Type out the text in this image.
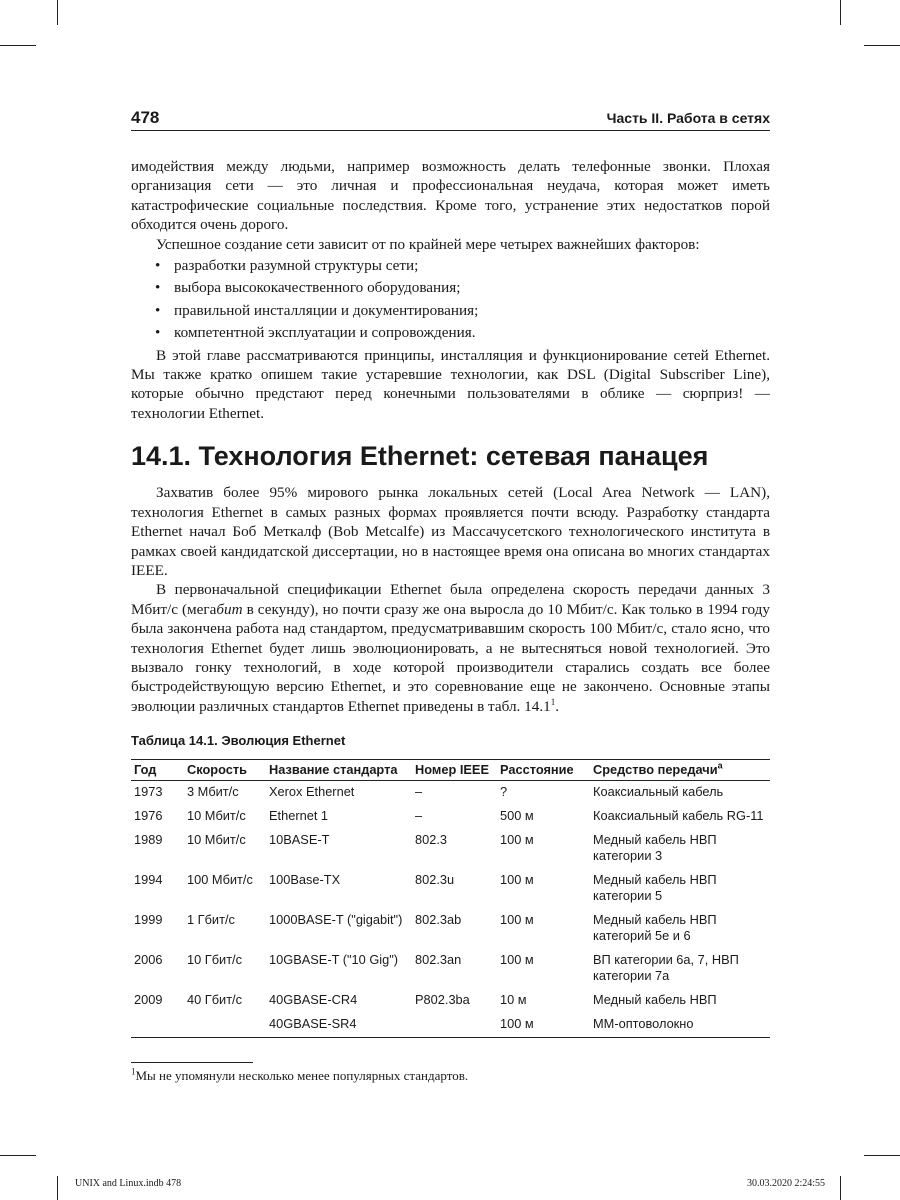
478	Часть II. Работа в сетях

имодействия между людьми, например возможность делать телефонные звонки. Плохая организация сети — это личная и профессиональная неудача, которая может иметь катастрофические социальные последствия. Кроме того, устранение этих недостатков порой обходится очень дорого.

Успешное создание сети зависит от по крайней мере четырех важнейших факторов:

• разработки разумной структуры сети;
• выбора высококачественного оборудования;
• правильной инсталляции и документирования;
• компетентной эксплуатации и сопровождения.

В этой главе рассматриваются принципы, инсталляция и функционирование сетей Ethernet. Мы также кратко опишем такие устаревшие технологии, как DSL (Digital Subscriber Line), которые обычно предстают перед конечными пользователями в облике — сюрприз! — технологии Ethernet.

14.1. Технология Ethernet: сетевая панацея

Захватив более 95% мирового рынка локальных сетей (Local Area Network — LAN), технология Ethernet в самых разных формах проявляется почти всюду. Разработку стандарта Ethernet начал Боб Меткалф (Bob Metcalfe) из Массачусетского технологического института в рамках своей кандидатской диссертации, но в настоящее время она описана во многих стандартах IEEE.

В первоначальной спецификации Ethernet была определена скорость передачи данных 3 Мбит/с (мегабит в секунду), но почти сразу же она выросла до 10 Мбит/с. Как только в 1994 году была закончена работа над стандартом, предусматривавшим скорость 100 Мбит/с, стало ясно, что технология Ethernet будет лишь эволюционировать, а не вытесняться новой технологией. Это вызвало гонку технологий, в ходе которой производители старались создать все более быстродействующую версию Ethernet, и это соревнование еще не закончено. Основные этапы эволюции различных стандартов Ethernet приведены в табл. 14.1$^1$.

Таблица 14.1. Эволюция Ethernet
Год	Скорость	Название стандарта	Номер IEEE	Расстояние	Средство передачи$^a$
1973	3 Мбит/с	Xerox Ethernet	–	?	Коаксиальный кабель
1976	10 Мбит/с	Ethernet 1	–	500 м	Коаксиальный кабель RG-11
1989	10 Мбит/с	10BASE-T	802.3	100 м	Медный кабель НВП категории 3
1994	100 Мбит/с	100Base-TX	802.3u	100 м	Медный кабель НВП категории 5
1999	1 Гбит/с	1000BASE-T ("gigabit")	802.3ab	100 м	Медный кабель НВП категорий 5e и 6
2006	10 Гбит/с	10GBASE-T ("10 Gig")	802.3an	100 м	ВП категории 6а, 7, НВП категории 7а
2009	40 Гбит/с	40GBASE-CR4	P802.3ba	10 м	Медный кабель НВП
		40GBASE-SR4		100 м	ММ-оптоволокно
$^1$Мы не упомянули несколько менее популярных стандартов.
UNIX and Linux.indb 478	30.03.2020 2:24:55
